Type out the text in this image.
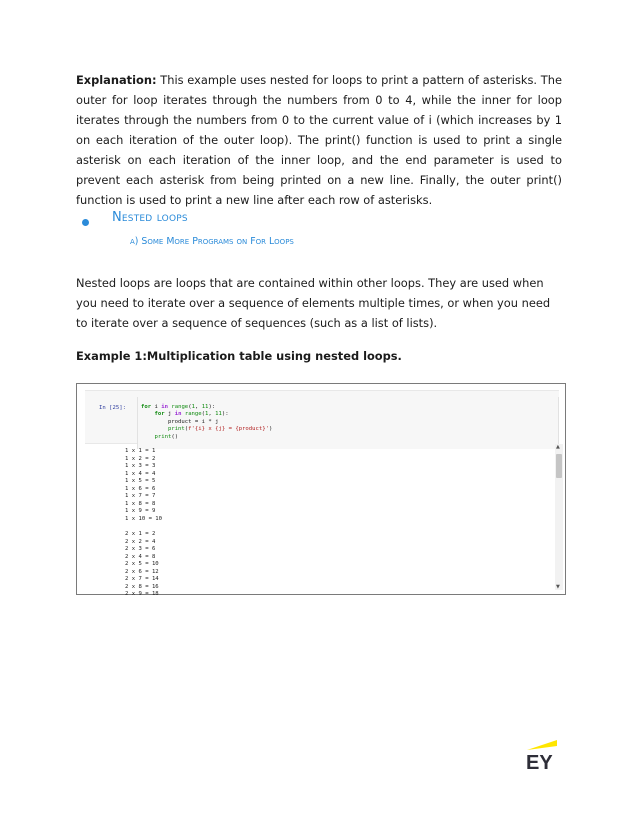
Explanation: This example uses nested for loops to print a pattern of asterisks. The outer for loop iterates through the numbers from 0 to 4, while the inner for loop iterates through the numbers from 0 to the current value of i (which increases by 1 on each iteration of the outer loop). The print() function is used to print a single asterisk on each iteration of the inner loop, and the end parameter is used to prevent each asterisk from being printed on a new line. Finally, the outer print() function is used to print a new line after each row of asterisks.

Nested loops
a) Some More Programs on For Loops

Nested loops are loops that are contained within other loops. They are used when you need to iterate over a sequence of elements multiple times, or when you need to iterate over a sequence of sequences (such as a list of lists).

Example 1:Multiplication table using nested loops.
In [25]:	for i in range(1, 11):
for j in range(1, 11):
product = i * j
print(f'{i} x {j} = {product}')
print()
1 x 1 = 1
1 x 2 = 2
1 x 3 = 3
1 x 4 = 4
1 x 5 = 5
1 x 6 = 6
1 x 7 = 7
1 x 8 = 8
1 x 9 = 9
1 x 10 = 10
2 x 1 = 2
2 x 2 = 4
2 x 3 = 6
2 x 4 = 8
2 x 5 = 10
2 x 6 = 12
2 x 7 = 14
2 x 8 = 16
2 x 9 = 18
▲
▼
EY
